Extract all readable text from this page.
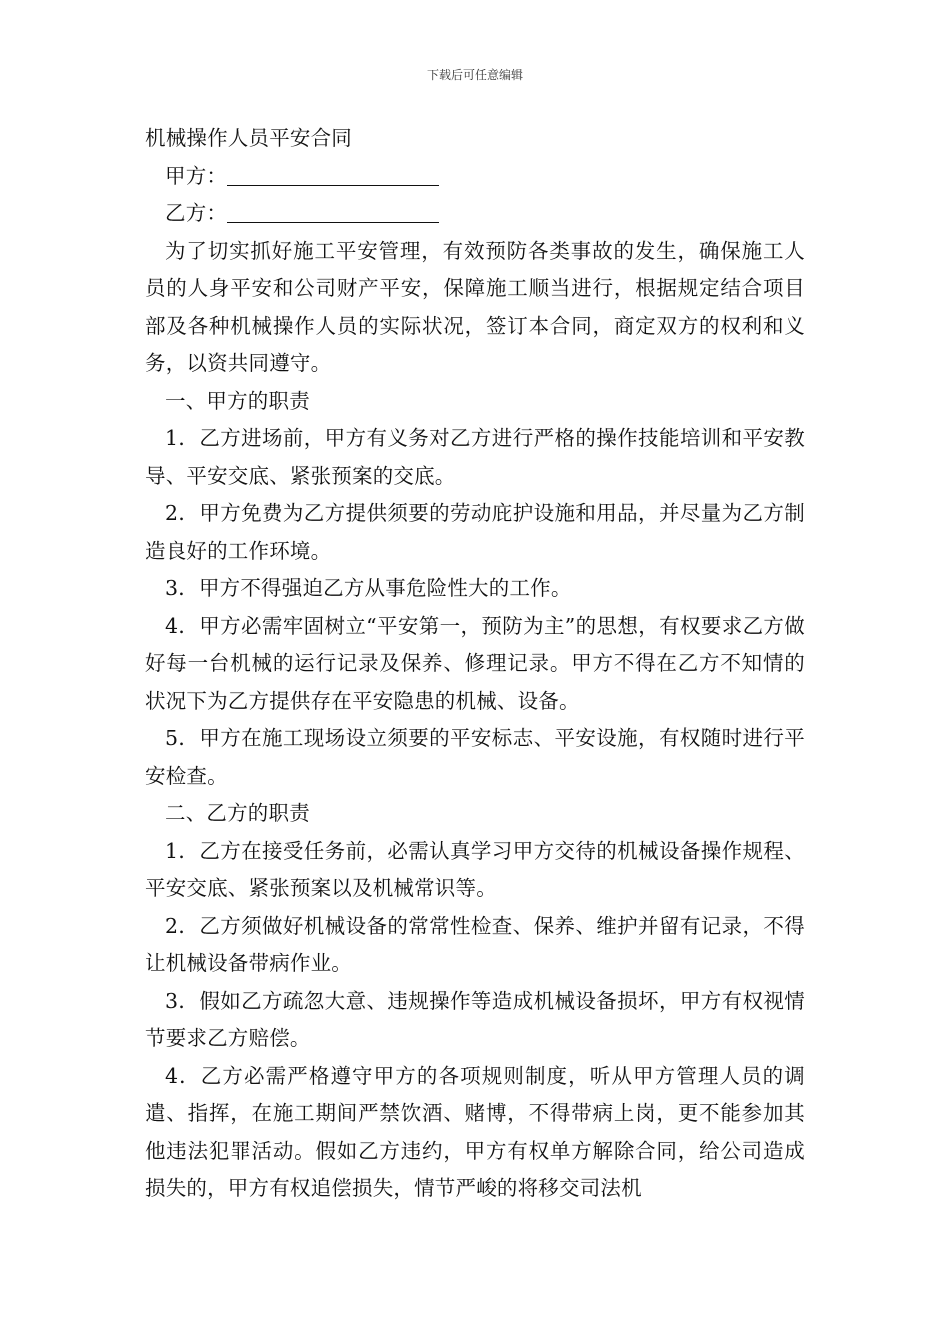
下载后可任意编辑

机械操作人员平安合同

甲方：

乙方：

为了切实抓好施工平安管理，有效预防各类事故的发生，确保施工人员的人身平安和公司财产平安，保障施工顺当进行，根据规定结合项目部及各种机械操作人员的实际状况，签订本合同，商定双方的权利和义务，以资共同遵守。

一、甲方的职责

1．乙方进场前，甲方有义务对乙方进行严格的操作技能培训和平安教导、平安交底、紧张预案的交底。

2．甲方免费为乙方提供须要的劳动庇护设施和用品，并尽量为乙方制造良好的工作环境。

3．甲方不得强迫乙方从事危险性大的工作。

4．甲方必需牢固树立“平安第一，预防为主”的思想，有权要求乙方做好每一台机械的运行记录及保养、修理记录。甲方不得在乙方不知情的状况下为乙方提供存在平安隐患的机械、设备。

5．甲方在施工现场设立须要的平安标志、平安设施，有权随时进行平安检查。

二、乙方的职责

1．乙方在接受任务前，必需认真学习甲方交待的机械设备操作规程、平安交底、紧张预案以及机械常识等。

2．乙方须做好机械设备的常常性检查、保养、维护并留有记录，不得让机械设备带病作业。

3．假如乙方疏忽大意、违规操作等造成机械设备损坏，甲方有权视情节要求乙方赔偿。

4．乙方必需严格遵守甲方的各项规则制度，听从甲方管理人员的调遣、指挥，在施工期间严禁饮酒、赌博，不得带病上岗，更不能参加其他违法犯罪活动。假如乙方违约，甲方有权单方解除合同，给公司造成损失的，甲方有权追偿损失，情节严峻的将移交司法机
